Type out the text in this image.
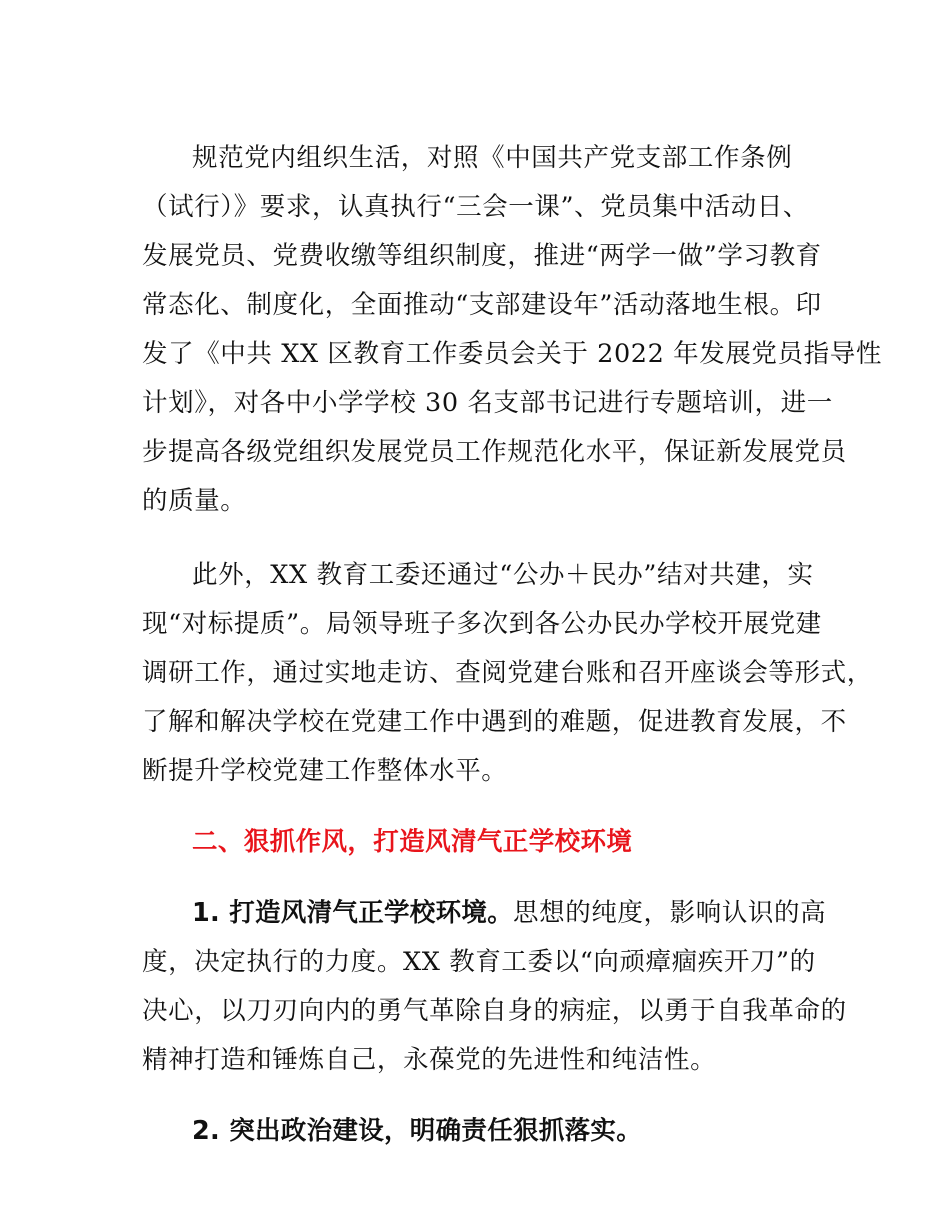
规范党内组织生活，对照《中国共产党支部工作条例

（试行）》要求，认真执行“三会一课”、党员集中活动日、

发展党员、党费收缴等组织制度，推进“两学一做”学习教育

常态化、制度化，全面推动“支部建设年”活动落地生根。印

发了《中共 XX 区教育工作委员会关于 2022 年发展党员指导性

计划》，对各中小学学校 30 名支部书记进行专题培训，进一

步提高各级党组织发展党员工作规范化水平，保证新发展党员

的质量。

此外，XX 教育工委还通过“公办＋民办”结对共建，实

现“对标提质”。局领导班子多次到各公办民办学校开展党建

调研工作，通过实地走访、查阅党建台账和召开座谈会等形式，

了解和解决学校在党建工作中遇到的难题，促进教育发展，不

断提升学校党建工作整体水平。

二、狠抓作风，打造风清气正学校环境

1. 打造风清气正学校环境。思想的纯度，影响认识的高

度，决定执行的力度。XX 教育工委以“向顽瘴痼疾开刀”的

决心，以刀刃向内的勇气革除自身的病症，以勇于自我革命的

精神打造和锤炼自己，永葆党的先进性和纯洁性。

2. 突出政治建设，明确责任狠抓落实。
